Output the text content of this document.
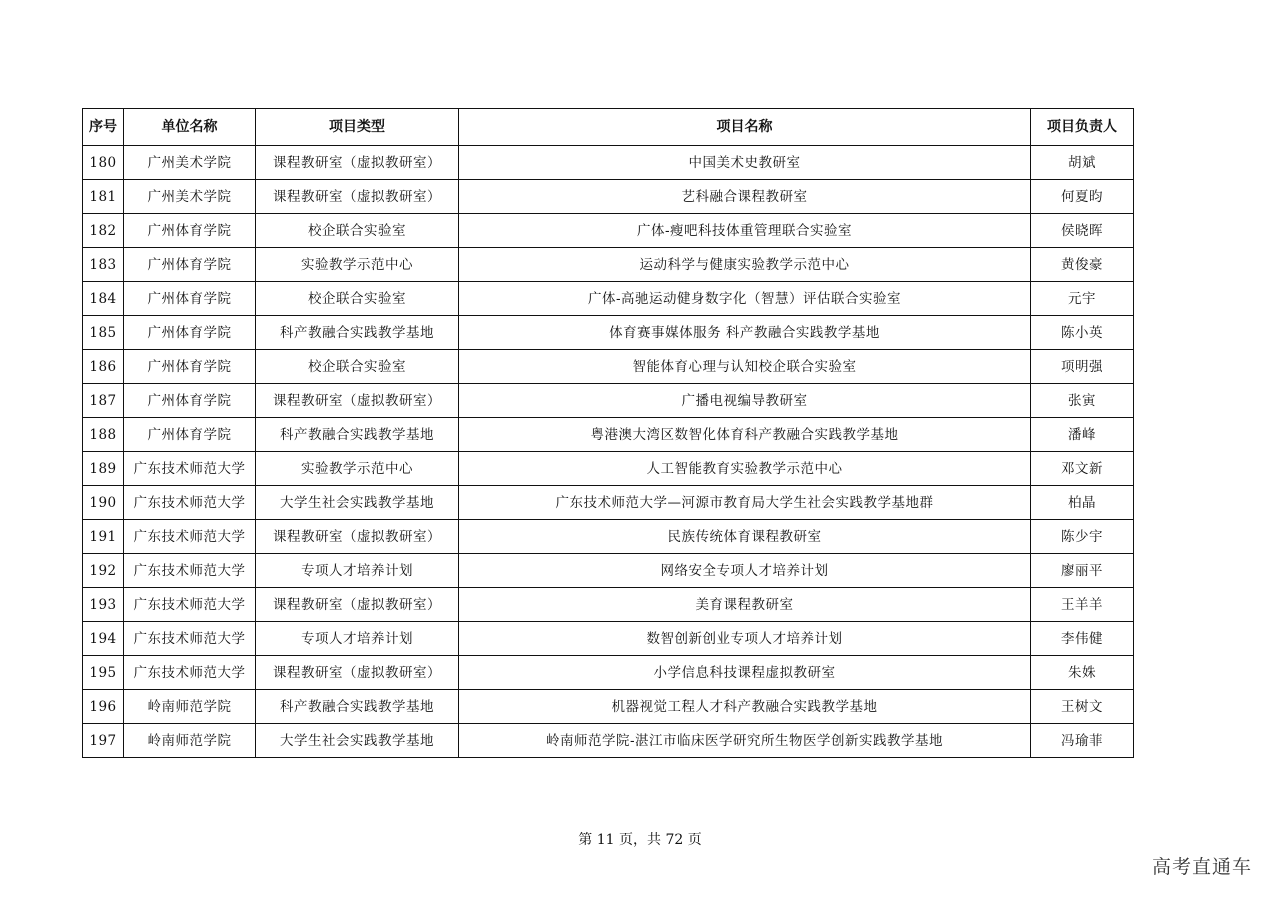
序号	单位名称	项目类型	项目名称	项目负责人
180	广州美术学院	课程教研室（虚拟教研室）	中国美术史教研室	胡斌
181	广州美术学院	课程教研室（虚拟教研室）	艺科融合课程教研室	何夏昀
182	广州体育学院	校企联合实验室	广体-瘦吧科技体重管理联合实验室	侯晓晖
183	广州体育学院	实验教学示范中心	运动科学与健康实验教学示范中心	黄俊豪
184	广州体育学院	校企联合实验室	广体-高驰运动健身数字化（智慧）评估联合实验室	元宇
185	广州体育学院	科产教融合实践教学基地	体育赛事媒体服务 科产教融合实践教学基地	陈小英
186	广州体育学院	校企联合实验室	智能体育心理与认知校企联合实验室	项明强
187	广州体育学院	课程教研室（虚拟教研室）	广播电视编导教研室	张寅
188	广州体育学院	科产教融合实践教学基地	粤港澳大湾区数智化体育科产教融合实践教学基地	潘峰
189	广东技术师范大学	实验教学示范中心	人工智能教育实验教学示范中心	邓文新
190	广东技术师范大学	大学生社会实践教学基地	广东技术师范大学—河源市教育局大学生社会实践教学基地群	柏晶
191	广东技术师范大学	课程教研室（虚拟教研室）	民族传统体育课程教研室	陈少宇
192	广东技术师范大学	专项人才培养计划	网络安全专项人才培养计划	廖丽平
193	广东技术师范大学	课程教研室（虚拟教研室）	美育课程教研室	王羊羊
194	广东技术师范大学	专项人才培养计划	数智创新创业专项人才培养计划	李伟健
195	广东技术师范大学	课程教研室（虚拟教研室）	小学信息科技课程虚拟教研室	朱姝
196	岭南师范学院	科产教融合实践教学基地	机器视觉工程人才科产教融合实践教学基地	王树文
197	岭南师范学院	大学生社会实践教学基地	岭南师范学院-湛江市临床医学研究所生物医学创新实践教学基地	冯瑜菲
第 11 页，共 72 页
高考直通车
